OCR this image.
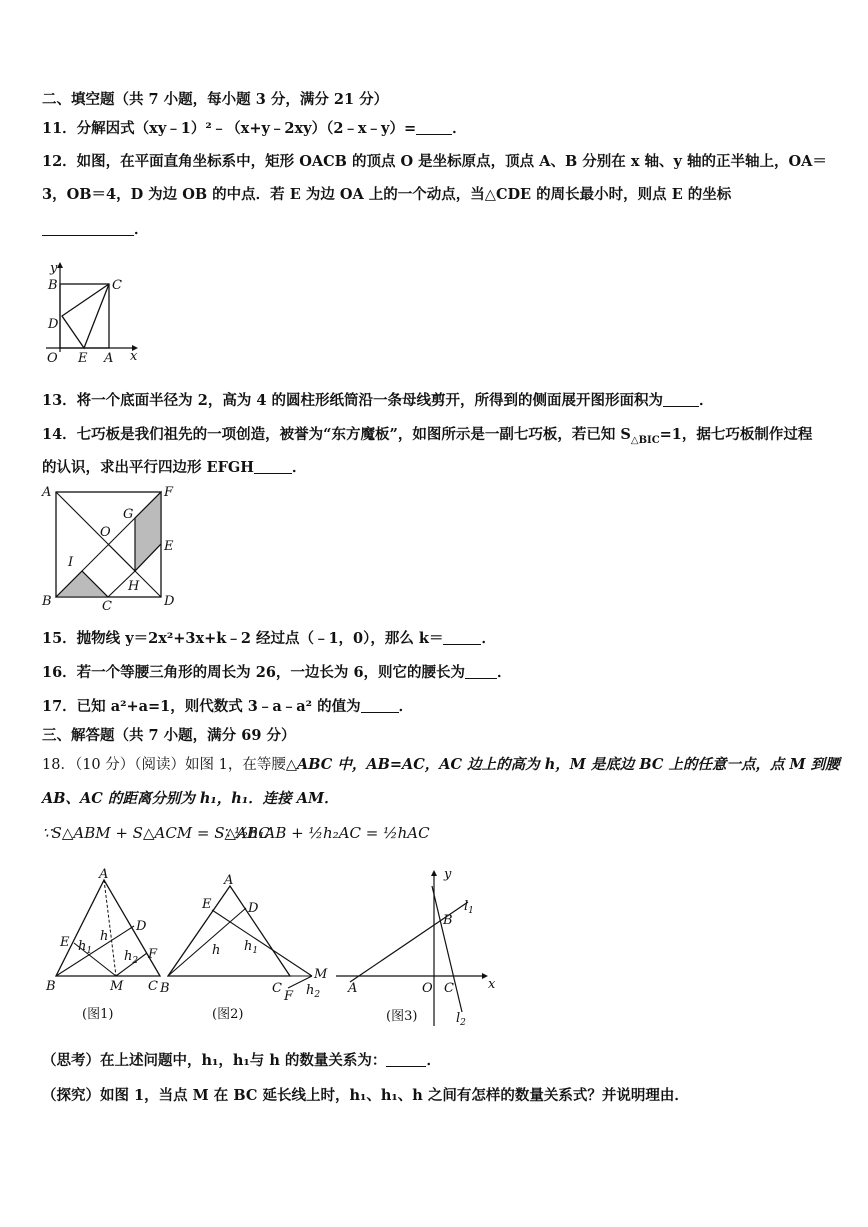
二、填空题（共 7 小题，每小题 3 分，满分 21 分）
11．分解因式（xy﹣1）²﹣（x+y﹣2xy）（2﹣x﹣y）= ．
12．如图，在平面直角坐标系中，矩形 OACB 的顶点 O 是坐标原点，顶点 A、B 分别在 x 轴、y 轴的正半轴上，OA＝
3，OB＝4，D 为边 OB 的中点．若 E 为边 OA 上的一个动点，当△CDE 的周长最小时，则点 E 的坐标
．
y
x
B	C
D
O E A
13．将一个底面半径为 2，高为 4 的圆柱形纸筒沿一条母线剪开，所得到的侧面展开图形面积为 ．
14．七巧板是我们祖先的一项创造，被誉为“东方魔板”，如图所示是一副七巧板，若已知 $S_{\triangle BIC}=1$，据七巧板制作过程
的认识，求出平行四边形 EFGH	．
A	F
G
O
E
I
H
B	C	D
15．抛物线 y＝2x²+3x+k﹣2 经过点（﹣1，0），那么 k＝	．
16．若一个等腰三角形的周长为 26，一边长为 6，则它的腰长为 ．
17．已知 a²+a=1，则代数式 3﹣a﹣a² 的值为	．
三、解答题（共 7 小题，满分 69 分）
18．（10 分）（阅读）如图 1，在等腰△ABC 中，AB=AC，AC 边上的高为 h，M 是底边 BC 上的任意一点，点 M 到腰
AB、AC 的距离分别为 h₁，h₁．连接 AM．
∵S△ABM + S△ACM = S△ABC
∴ ½h₁AB + ½h₂AC = ½hAC
A
D
E $h_1$
h
$h_2$ F
B	M C
(图1)
A
E	D
h $h_1$
M
$h_2$
B	C
F
(图2)
y
x
$l_1$
B
A	O C
$l_2$
(图3)
（思考）在上述问题中，h₁，h₁与 h 的数量关系为：	．
（探究）如图 1，当点 M 在 BC 延长线上时，h₁、h₁、h 之间有怎样的数量关系式？并说明理由．
